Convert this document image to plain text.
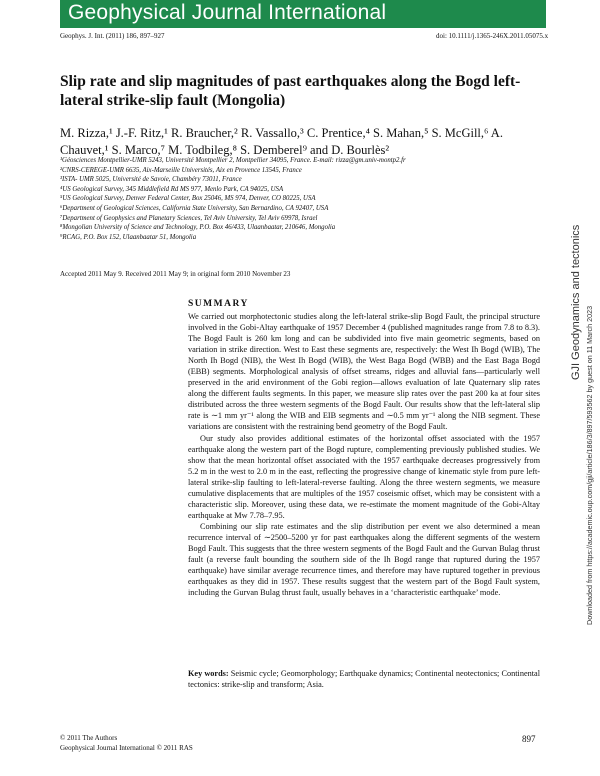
Geophysical Journal International
Geophys. J. Int. (2011) 186, 897–927	doi: 10.1111/j.1365-246X.2011.05075.x
Slip rate and slip magnitudes of past earthquakes along the Bogd left-lateral strike-slip fault (Mongolia)
M. Rizza,¹ J.-F. Ritz,¹ R. Braucher,² R. Vassallo,³ C. Prentice,⁴ S. Mahan,⁵ S. McGill,⁶ A. Chauvet,¹ S. Marco,⁷ M. Todbileg,⁸ S. Demberel⁹ and D. Bourlès²
¹Géosciences Montpellier-UMR 5243, Université Montpellier 2, Montpellier 34095, France. E-mail: rizza@gm.univ-montp2.fr
²CNRS-CEREGE-UMR 6635, Aix-Marseille Universités, Aix en Provence 13545, France
³ISTA- UMR 5025, Université de Savoie, Chambéry 73011, France
⁴US Geological Survey, 345 Middlefield Rd MS 977, Menlo Park, CA 94025, USA
⁵US Geological Survey, Denver Federal Center, Box 25046, MS 974, Denver, CO 80225, USA
⁶Department of Geological Sciences, California State University, San Bernardino, CA 92407, USA
⁷Department of Geophysics and Planetary Sciences, Tel Aviv University, Tel Aviv 69978, Israel
⁸Mongolian University of Science and Technology, P.O. Box 46/433, Ulaanbaatar, 210646, Mongolia
⁹RCAG, P.O. Box 152, Ulaanbaatar 51, Mongolia
Accepted 2011 May 9. Received 2011 May 9; in original form 2010 November 23
SUMMARY

We carried out morphotectonic studies along the left-lateral strike-slip Bogd Fault, the principal structure involved in the Gobi-Altay earthquake of 1957 December 4 (published magnitudes range from 7.8 to 8.3). The Bogd Fault is 260 km long and can be subdivided into five main geometric segments, based on variation in strike direction. West to East these segments are, respectively: the West Ih Bogd (WIB), The North Ih Bogd (NIB), the West Ih Bogd (WIB), the West Baga Bogd (WBB) and the East Baga Bogd (EBB) segments. Morphological analysis of offset streams, ridges and alluvial fans—particularly well preserved in the arid environment of the Gobi region—allows evaluation of late Quaternary slip rates along the different faults segments. In this paper, we measure slip rates over the past 200 ka at four sites distributed across the three western segments of the Bogd Fault. Our results show that the left-lateral slip rate is ∼1 mm yr⁻¹ along the WIB and EIB segments and ∼0.5 mm yr⁻¹ along the NIB segment. These variations are consistent with the restraining bend geometry of the Bogd Fault.

Our study also provides additional estimates of the horizontal offset associated with the 1957 earthquake along the western part of the Bogd rupture, complementing previously published studies. We show that the mean horizontal offset associated with the 1957 earthquake decreases progressively from 5.2 m in the west to 2.0 m in the east, reflecting the progressive change of kinematic style from pure left-lateral strike-slip faulting to left-lateral-reverse faulting. Along the three western segments, we measure cumulative displacements that are multiples of the 1957 coseismic offset, which may be consistent with a characteristic slip. Moreover, using these data, we re-estimate the moment magnitude of the Gobi-Altay earthquake at Mw 7.78–7.95.

Combining our slip rate estimates and the slip distribution per event we also determined a mean recurrence interval of ∼2500–5200 yr for past earthquakes along the different segments of the western Bogd Fault. This suggests that the three western segments of the Bogd Fault and the Gurvan Bulag thrust fault (a reverse fault bounding the southern side of the Ih Bogd range that ruptured during the 1957 earthquake) have similar average recurrence times, and therefore may have ruptured together in previous earthquakes as they did in 1957. These results suggest that the western part of the Bogd Fault system, including the Gurvan Bulag thrust fault, usually behaves in a ‘characteristic earthquake’ mode.

Key words: Seismic cycle; Geomorphology; Earthquake dynamics; Continental neotectonics; Continental tectonics: strike-slip and transform; Asia.
© 2011 The Authors
Geophysical Journal International © 2011 RAS
897
GJI Geodynamics and tectonics
Downloaded from https://academic.oup.com/gji/article/186/3/897/593562 by guest on 11 March 2023
